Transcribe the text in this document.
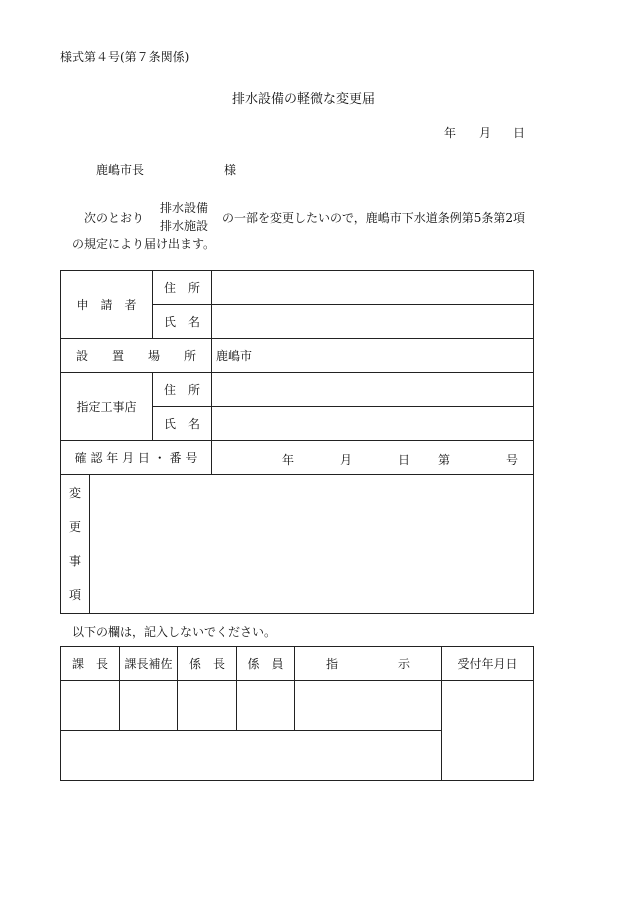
様式第４号(第７条関係)
排水設備の軽微な変更届
年 月 日
鹿嶋市長	様
次のとおり
排水設備
排水施設
の一部を変更したいので，鹿嶋市下水道条例第5条第2項
の規定により届け出ます。
申　請　者		住　所	
		氏　名	
設　　置　　場　　所			鹿嶋市
指定工事店		住　所	
		氏　名	
確 認 年 月 日 ・ 番 号			年 月 日 第 号

変
更
事
項			

以下の欄は，記入しないでください。
課　長	課長補佐	係　長	係　員	指　　　　　示	受付年月日
